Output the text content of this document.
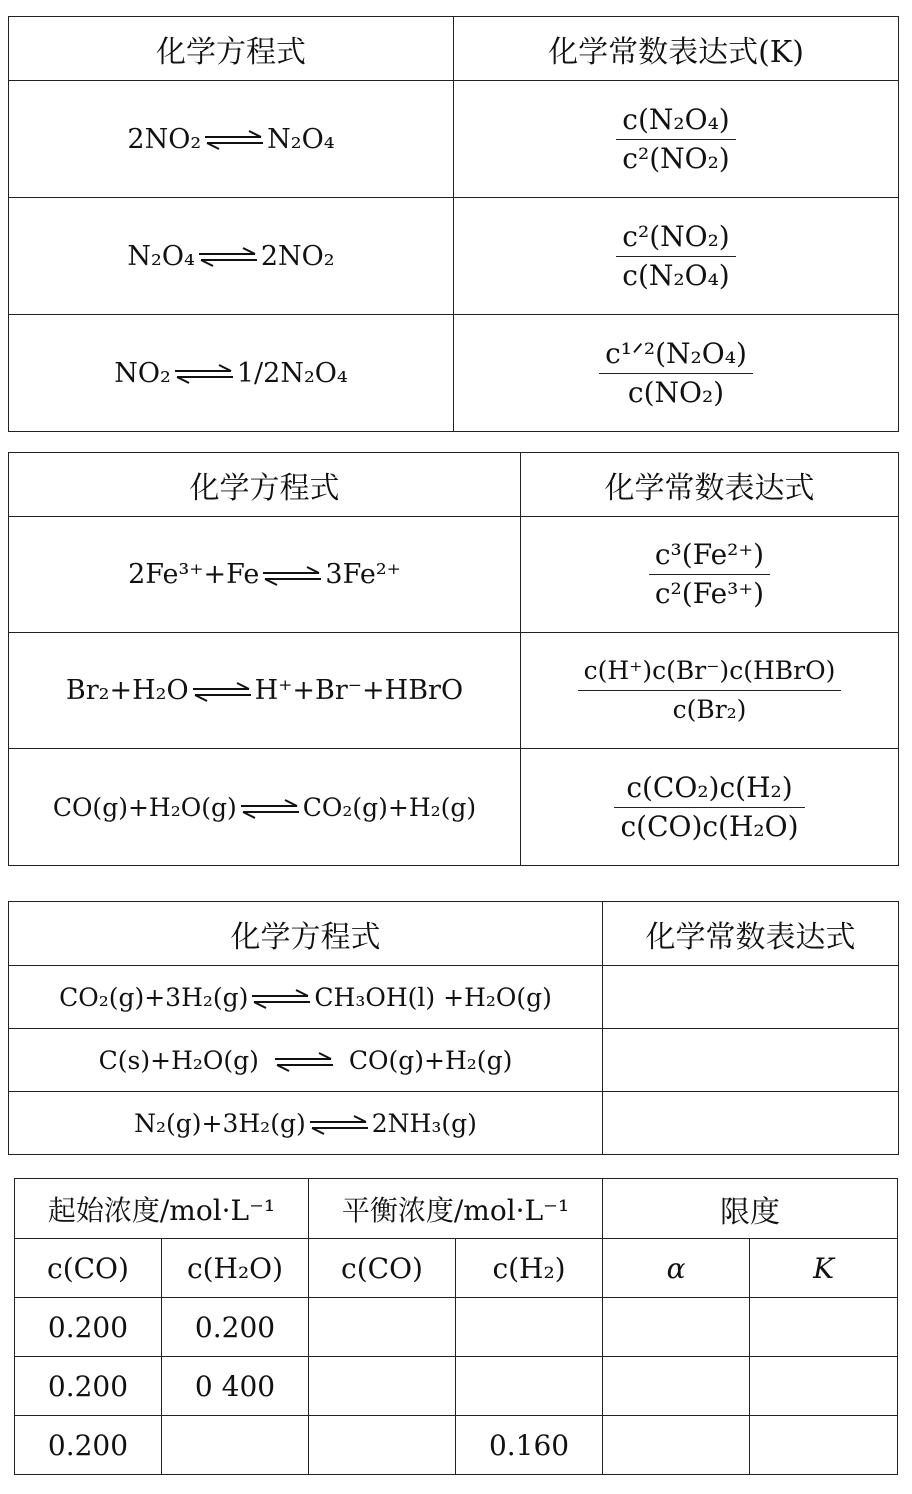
化学方程式	化学常数表达式(K)
2NO₂ N₂O₄	$\frac{\text{c(N₂O₄)}}{\text{c²(NO₂)}}$

N₂O₄ 2NO₂	$\frac{\text{c²(NO₂)}}{\text{c(N₂O₄)}}$

NO₂ 1/2N₂O₄	$\frac{\text{c¹ᐟ²(N₂O₄)}}{\text{c(NO₂)}}$
化学方程式	化学常数表达式
2Fe³⁺+Fe 3Fe²⁺	$\frac{\text{c³(Fe²⁺)}}{\text{c²(Fe³⁺)}}$

Br₂+H₂O H⁺+Br⁻+HBrO	$\frac{\text{c(H⁺)c(Br⁻)c(HBrO)}}{\text{c(Br₂)}}$

CO(g)+H₂O(g) CO₂(g)+H₂(g)	$\frac{\text{c(CO₂)c(H₂)}}{\text{c(CO)c(H₂O)}}$
化学方程式	化学常数表达式
CO₂(g)+3H₂(g) CH₃OH(l) +H₂O(g)	
C(s)+H₂O(g) CO(g)+H₂(g)	
N₂(g)+3H₂(g) 2NH₃(g)	
起始浓度/mol·L⁻¹		平衡浓度/mol·L⁻¹		限度	
c(CO)	c(H₂O)	c(CO)	c(H₂)	α	K
0.200	0.200				
0.200	0 400				
0.200			0.160		
